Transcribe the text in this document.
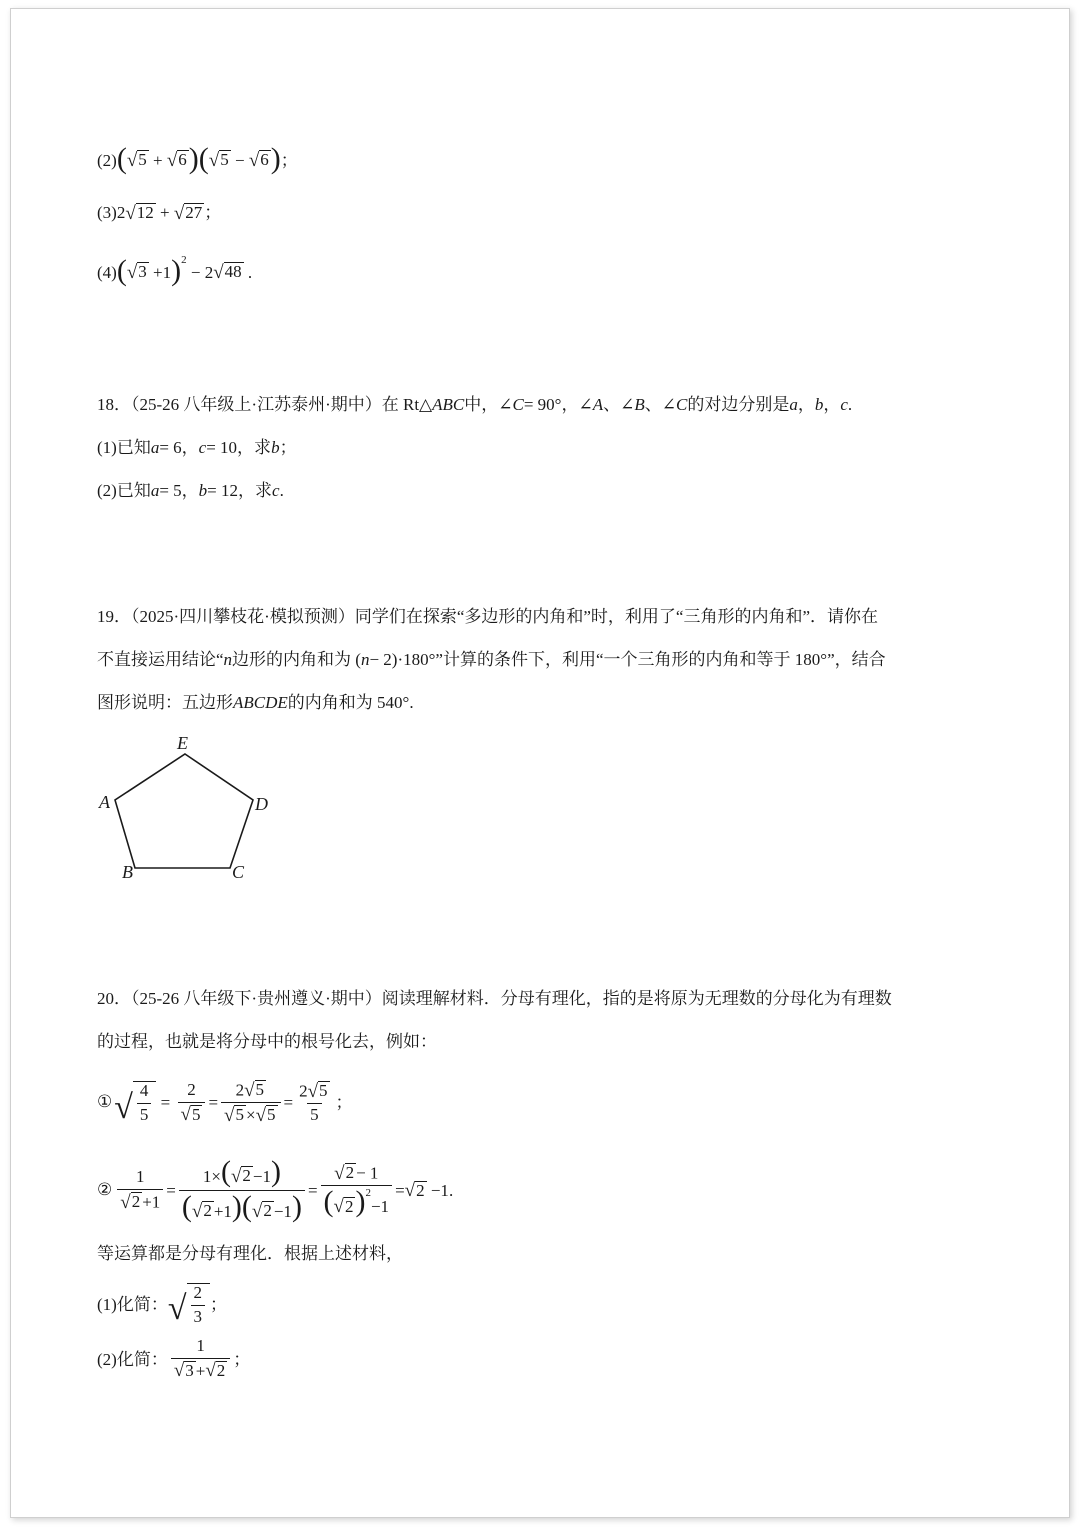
(2) ( √ 5 + √ 6 ) ( √ 5 − √ 6 ) ；
(3) 2 √ 12 + √ 27 ；
(4) ( √ 3 + 1 )$^2$
− 2 √ 48
.
18．（25-26 八年级上·江苏泰州·期中）在 Rt△ ABC 中，∠ C = 90°，∠ A 、∠ B 、∠ C 的对边分别是 a ， b ， c .
(1)已知 a = 6， c = 10，求 b ；
(2)已知 a = 5， b = 12，求 c .
19．（2025·四川攀枝花·模拟预测）同学们在探索“多边形的内角和”时，利用了“三角形的内角和”．请你在
不直接运用结论“ n 边形的内角和为 ( n − 2)·180°”计算的条件下，利用“一个三角形的内角和等于 180°”，结合
图形说明：五边形 ABCDE 的内角和为 540°.
E
A	D
B	C
20．（25-26 八年级下·贵州遵义·期中）阅读理解材料．分母有理化，指的是将原为无理数的分母化为有理数
的过程，也就是将分母中的根号化去，例如：
① √ $\frac{4}{5} = \frac{2}{√ 5} = \frac{2 √ 5}{√ 5 \times √ 5} = \frac{2 √ 5}{5}$ ；
② $\frac{1}{√ 2 +1} = \frac{1\times( √ 2 -1)}{( √ 2 +1)( √ 2 -1)} = \frac{√ 2 - 1}{( √ 2 )^2-1}$ = √ 2
−1 .
等运算都是分母有理化．根据上述材料，
(1)化简： √ $\frac{2}{3}$ ；
(2)化简： $\frac{1}{√ 3 + √ 2}$ ；
